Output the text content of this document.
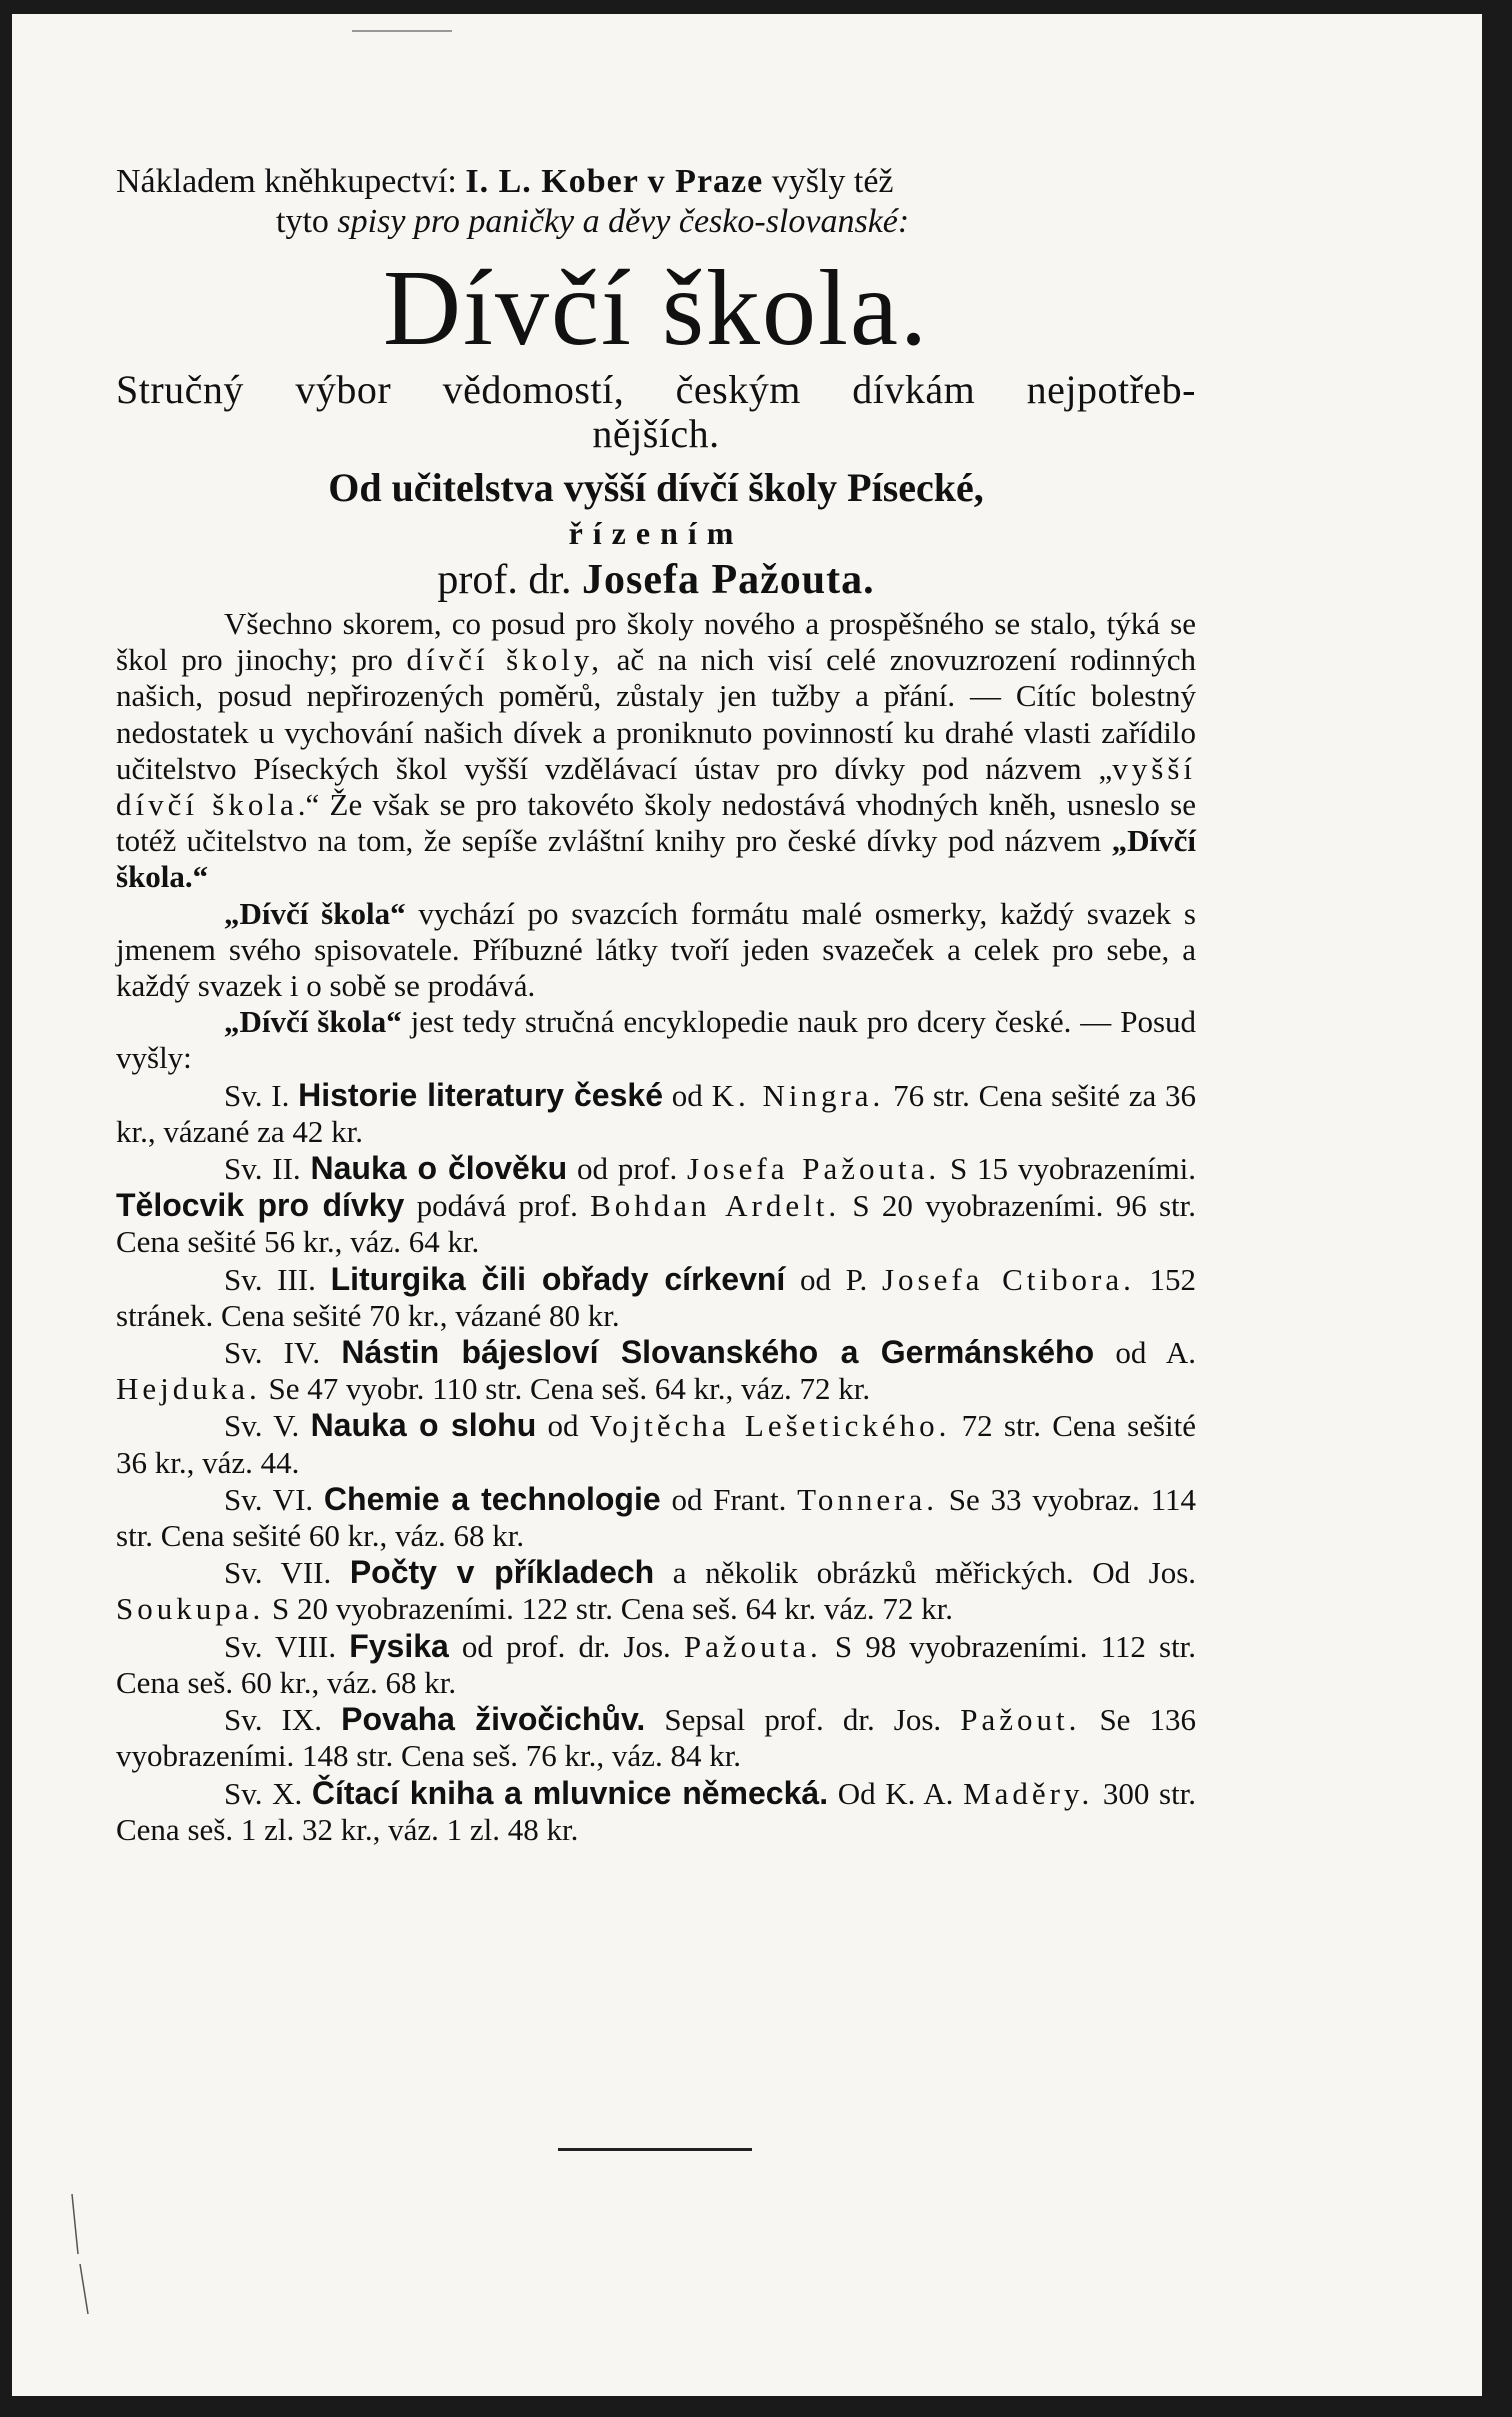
Nákladem kněhkupectví: I. L. Kober v Praze vyšly též
tyto spisy pro paničky a děvy česko-slovanské:
Dívčí škola.
Stručný výbor vědomostí, českým dívkám nejpotřeb-
nějších.
Od učitelstva vyšší dívčí školy Písecké,
řízením
prof. dr. Josefa Pažouta.

Všechno skorem, co posud pro školy nového a prospěšného se stalo, týká se škol pro jinochy; pro dívčí školy, ač na nich visí celé znovuzrození rodinných našich, posud nepřirozených poměrů, zůstaly jen tužby a přání. — Cítíc bolestný nedostatek u vychování našich dívek a proniknuto povinností ku drahé vlasti zařídilo učitelstvo Píseckých škol vyšší vzdělávací ústav pro dívky pod názvem „vyšší dívčí škola.“ Že však se pro takovéto školy nedostává vhodných kněh, usneslo se totéž učitelstvo na tom, že sepíše zvláštní knihy pro české dívky pod názvem „Dívčí škola.“

„Dívčí škola“ vychází po svazcích formátu malé osmerky, každý svazek s jmenem svého spisovatele. Příbuzné látky tvoří jeden svazeček a celek pro sebe, a každý svazek i o sobě se prodává.

„Dívčí škola“ jest tedy stručná encyklopedie nauk pro dcery české. — Posud vyšly:

Sv. I. Historie literatury české od K. Ningra. 76 str. Cena sešité za 36 kr., vázané za 42 kr.

Sv. II. Nauka o člověku od prof. Josefa Pažouta. S 15 vyobrazeními. Tělocvik pro dívky podává prof. Bohdan Ardelt. S 20 vyobrazeními. 96 str. Cena sešité 56 kr., váz. 64 kr.

Sv. III. Liturgika čili obřady církevní od P. Josefa Ctibora. 152 stránek. Cena sešité 70 kr., vázané 80 kr.

Sv. IV. Nástin bájesloví Slovanského a Germánského od A. Hejduka. Se 47 vyobr. 110 str. Cena seš. 64 kr., váz. 72 kr.

Sv. V. Nauka o slohu od Vojtěcha Lešetického. 72 str. Cena sešité 36 kr., váz. 44.

Sv. VI. Chemie a technologie od Frant. Tonnera. Se 33 vyobraz. 114 str. Cena sešité 60 kr., váz. 68 kr.

Sv. VII. Počty v příkladech a několik obrázků měřických. Od Jos. Soukupa. S 20 vyobrazeními. 122 str. Cena seš. 64 kr. váz. 72 kr.

Sv. VIII. Fysika od prof. dr. Jos. Pažouta. S 98 vyobrazeními. 112 str. Cena seš. 60 kr., váz. 68 kr.

Sv. IX. Povaha živočichův. Sepsal prof. dr. Jos. Pažout. Se 136 vyobrazeními. 148 str. Cena seš. 76 kr., váz. 84 kr.

Sv. X. Čítací kniha a mluvnice německá. Od K. A. Maděry. 300 str. Cena seš. 1 zl. 32 kr., váz. 1 zl. 48 kr.
